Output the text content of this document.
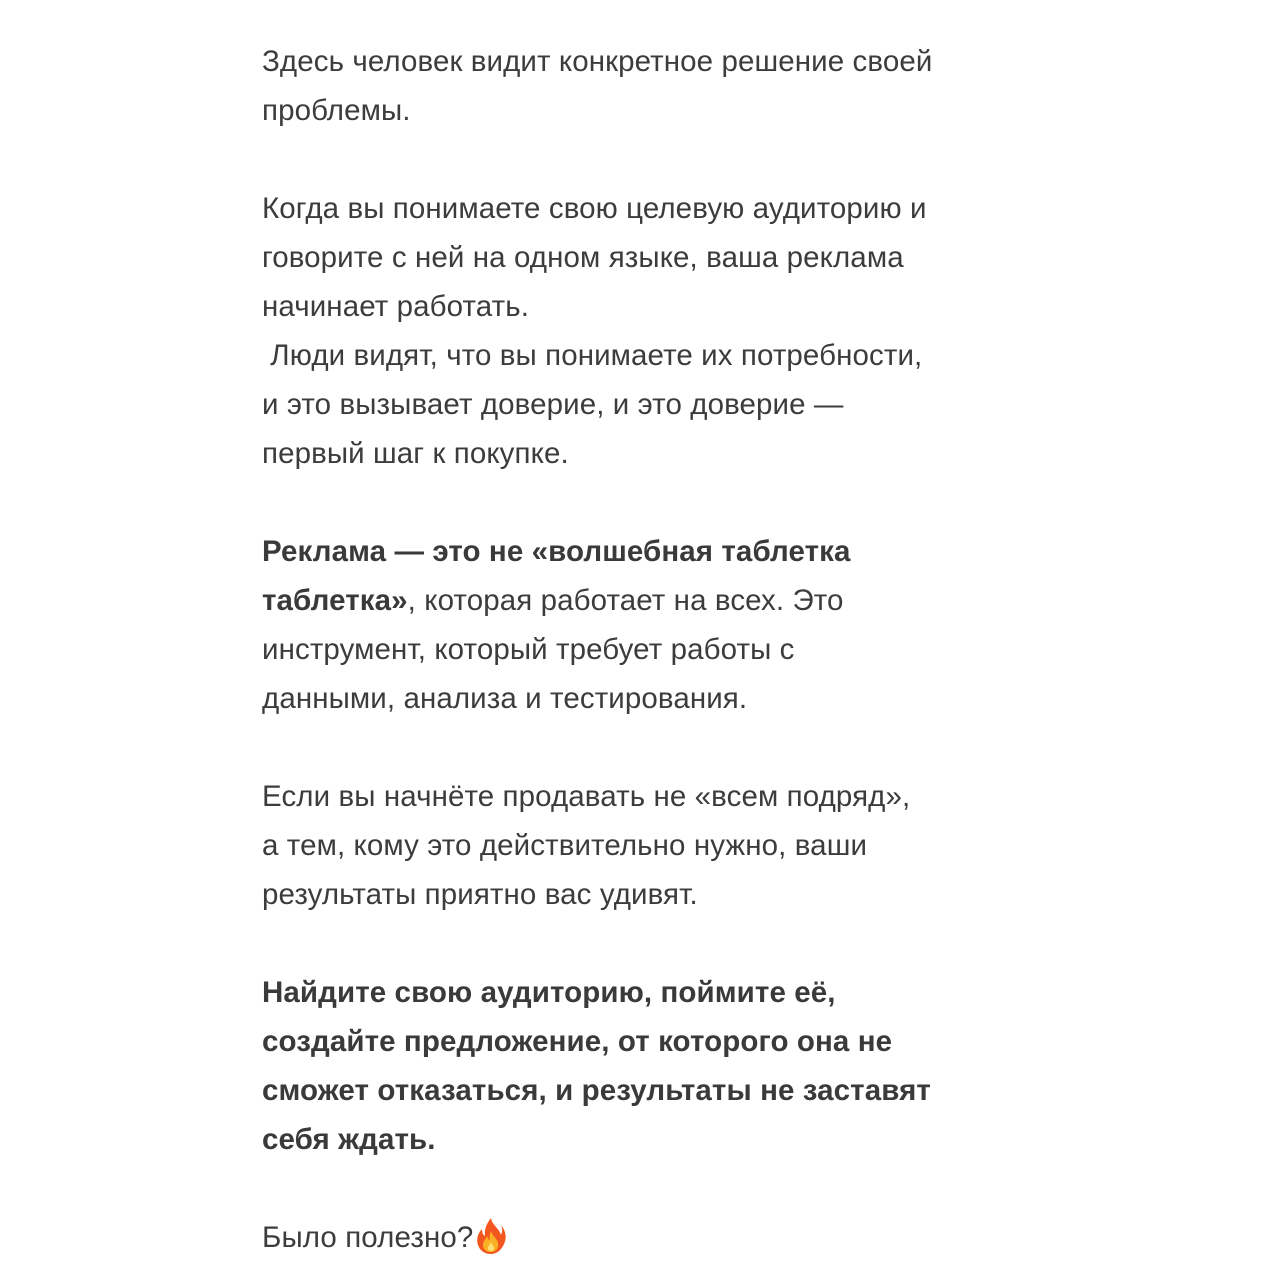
Здесь человек видит конкретное решение своей
проблемы.
Когда вы понимаете свою целевую аудиторию и
говорите с ней на одном языке, ваша реклама
начинает работать.
Люди видят, что вы понимаете их потребности,
и это вызывает доверие, и это доверие —
первый шаг к покупке.
Реклама — это не «волшебная таблетка
таблетка», которая работает на всех. Это
инструмент, который требует работы с
данными, анализа и тестирования.
Если вы начнёте продавать не «всем подряд»,
а тем, кому это действительно нужно, ваши
результаты приятно вас удивят.
Найдите свою аудиторию, поймите её,
создайте предложение, от которого она не
сможет отказаться, и результаты не заставят
себя ждать.
Было полезно?
